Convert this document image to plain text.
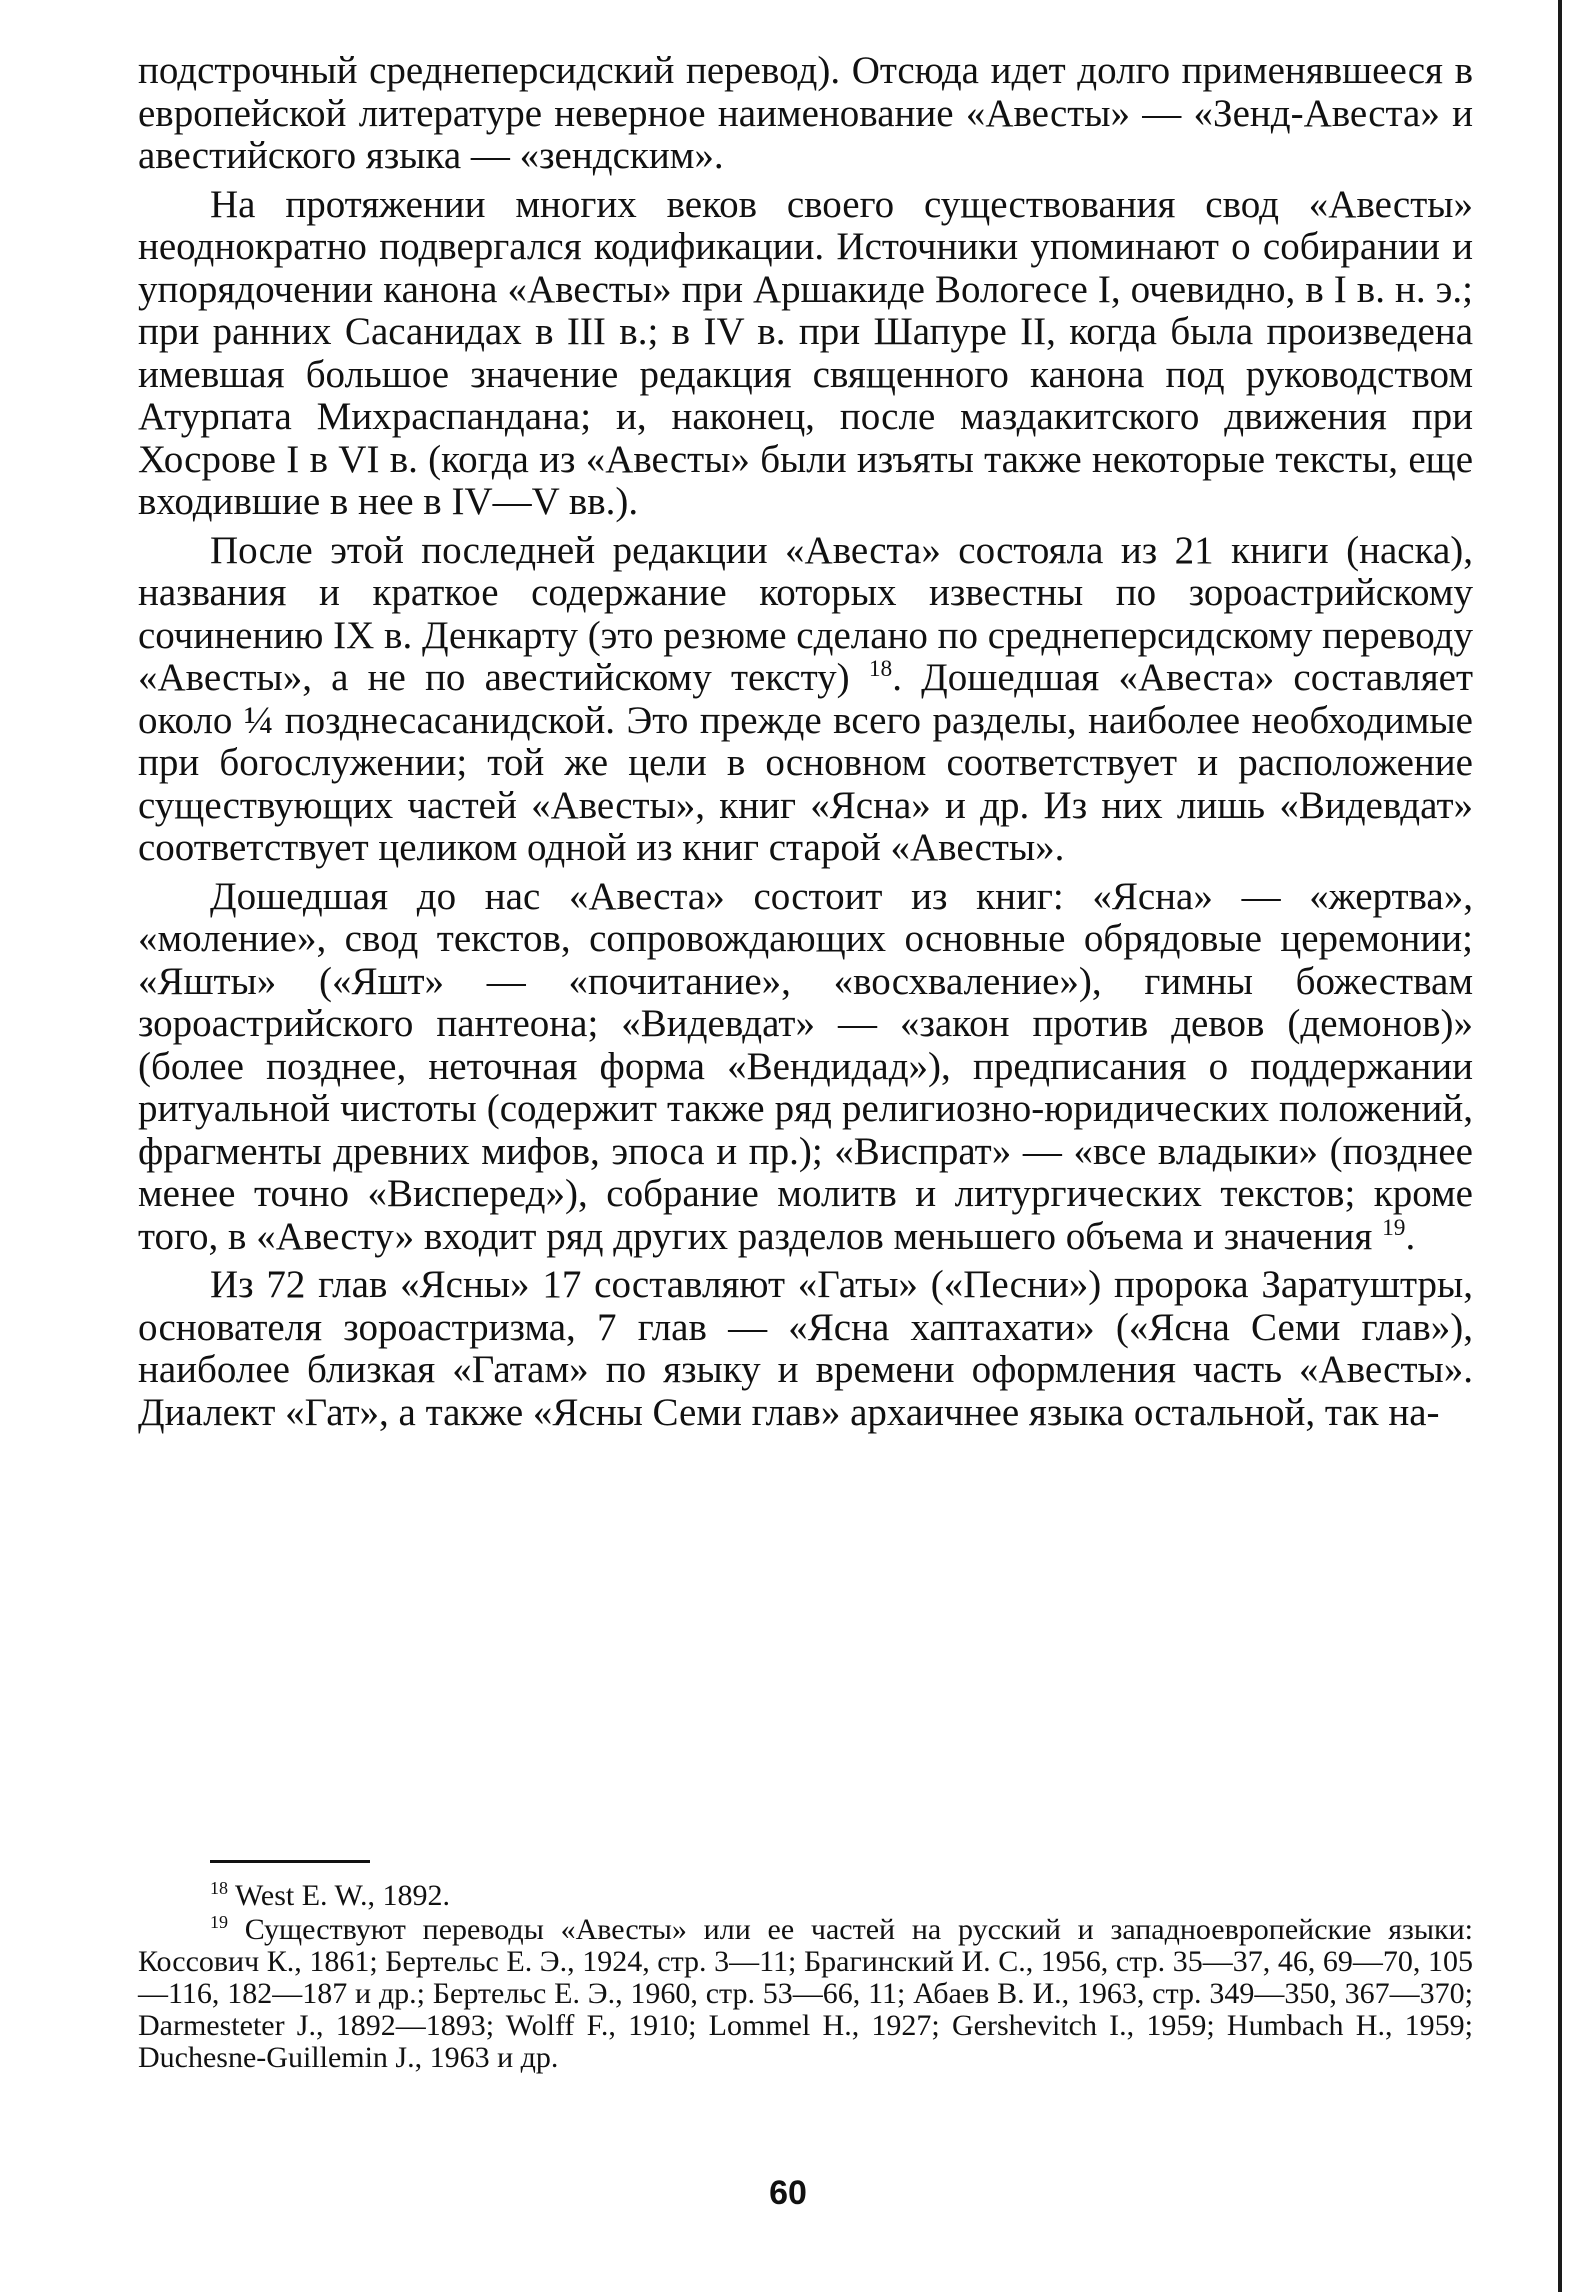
подстрочный среднеперсидский перевод). Отсюда идет долго применявшееся в европейской литературе неверное наименование «Авесты» — «Зенд-Авеста» и авестийского языка — «зендским».

На протяжении многих веков своего существования свод «Авесты» неоднократно подвергался кодификации. Источники упоминают о собирании и упорядочении канона «Авесты» при Аршакиде Вологесе I, очевидно, в I в. н. э.; при ранних Сасанидах в III в.; в IV в. при Шапуре II, когда была произведена имевшая большое значение редакция священного канона под руководством Атурпата Михраспандана; и, наконец, после маздакитского движения при Хосрове I в VI в. (когда из «Авесты» были изъяты также некоторые тексты, еще входившие в нее в IV—V вв.).

После этой последней редакции «Авеста» состояла из 21 книги (наска), названия и краткое содержание которых известны по зороастрийскому сочинению IX в. Денкарту (это резюме сделано по среднеперсидскому переводу «Авесты», а не по авестийскому тексту) $^{18}$. Дошедшая «Авеста» составляет около ¼ позднесасанидской. Это прежде всего разделы, наиболее необходимые при богослужении; той же цели в основном соответствует и расположение существующих частей «Авесты», книг «Ясна» и др. Из них лишь «Видевдат» соответствует целиком одной из книг старой «Авесты».

Дошедшая до нас «Авеста» состоит из книг: «Ясна» — «жертва», «моление», свод текстов, сопровождающих основные обрядовые церемонии; «Яшты» («Яшт» — «почитание», «восхваление»), гимны божествам зороастрийского пантеона; «Видевдат» — «закон против девов (демонов)» (более позднее, неточная форма «Вендидад»), предписания о поддержании ритуальной чистоты (содержит также ряд религиозно-юридических положений, фрагменты древних мифов, эпоса и пр.); «Виспрат» — «все владыки» (позднее менее точно «Висперед»), собрание молитв и литургических текстов; кроме того, в «Авесту» входит ряд других разделов меньшего объема и значения $^{19}$.

Из 72 глав «Ясны» 17 составляют «Гаты» («Песни») пророка Заратуштры, основателя зороастризма, 7 глав — «Ясна хаптахати» («Ясна Семи глав»), наиболее близкая «Гатам» по языку и времени оформления часть «Авесты». Диалект «Гат», а также «Ясны Семи глав» архаичнее языка остальной, так на-

$^{18}$ West E. W., 1892.

$^{19}$ Существуют переводы «Авесты» или ее частей на русский и западноевропейские языки: Коссович К., 1861; Бертельс Е. Э., 1924, стр. 3—11; Брагинский И. С., 1956, стр. 35—37, 46, 69—70, 105—116, 182—187 и др.; Бертельс Е. Э., 1960, стр. 53—66, 11; Абаев В. И., 1963, стр. 349—350, 367—370; Darmesteter J., 1892—1893; Wolff F., 1910; Lommel H., 1927; Gershevitch I., 1959; Humbach H., 1959; Duchesne-Guillemin J., 1963 и др.

60
